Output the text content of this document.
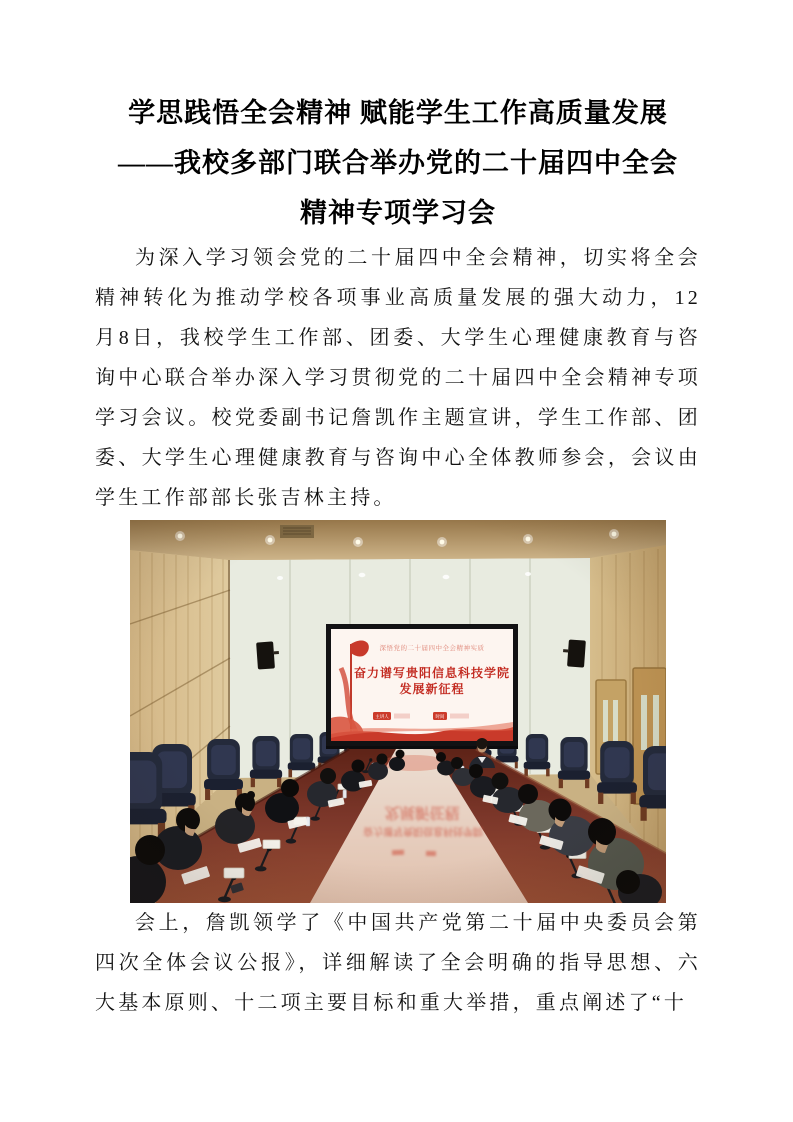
学思践悟全会精神 赋能学生工作高质量发展
——我校多部门联合举办党的二十届四中全会
精神专项学习会

为深入学习领会党的二十届四中全会精神，切实将全会精神转化为推动学校各项事业高质量发展的强大动力，12月8日，我校学生工作部、团委、大学生心理健康教育与咨询中心联合举办深入学习贯彻党的二十届四中全会精神专项学习会议。校党委副书记詹凯作主题宣讲，学生工作部、团委、大学生心理健康教育与咨询中心全体教师参会，会议由学生工作部部长张吉林主持。

会上，詹凯领学了《中国共产党第二十届中央委员会第四次全体会议公报》，详细解读了全会明确的指导思想、六大基本原则、十二项主要目标和重大举措，重点阐述了“十
